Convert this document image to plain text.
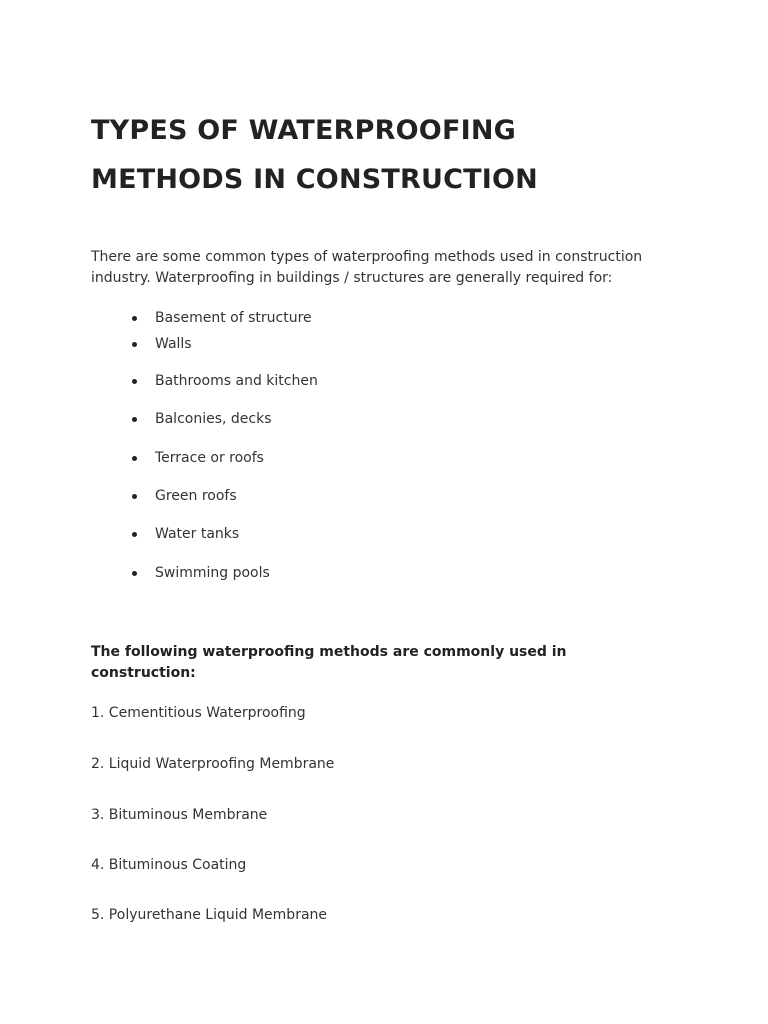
TYPES OF WATERPROOFING
METHODS IN CONSTRUCTION

There are some common types of waterproofing methods used in construction industry. Waterproofing in buildings / structures are generally required for:

Basement of structure
Walls
Bathrooms and kitchen
Balconies, decks
Terrace or roofs
Green roofs
Water tanks
Swimming pools

The following waterproofing methods are commonly used in construction:

1. Cementitious Waterproofing
2. Liquid Waterproofing Membrane
3. Bituminous Membrane
4. Bituminous Coating
5. Polyurethane Liquid Membrane
